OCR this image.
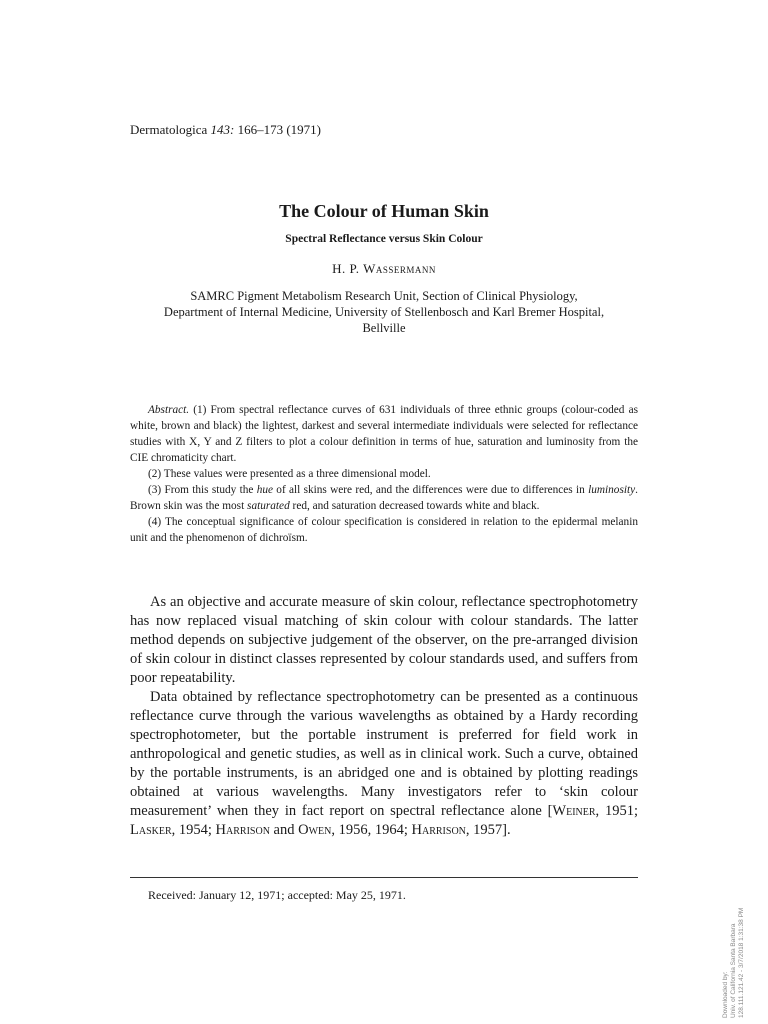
Dermatologica 143: 166–173 (1971)
The Colour of Human Skin
Spectral Reflectance versus Skin Colour
H. P. Wassermann
SAMRC Pigment Metabolism Research Unit, Section of Clinical Physiology,
Department of Internal Medicine, University of Stellenbosch and Karl Bremer Hospital,
Bellville

Abstract. (1) From spectral reflectance curves of 631 individuals of three ethnic groups (colour-coded as white, brown and black) the lightest, darkest and several intermediate individuals were selected for reflectance studies with X, Y and Z filters to plot a colour definition in terms of hue, saturation and luminosity from the CIE chromaticity chart.

(2) These values were presented as a three dimensional model.

(3) From this study the hue of all skins were red, and the differences were due to differences in luminosity. Brown skin was the most saturated red, and saturation decreased towards white and black.

(4) The conceptual significance of colour specification is considered in relation to the epidermal melanin unit and the phenomenon of dichroïsm.

As an objective and accurate measure of skin colour, reflectance spectrophotometry has now replaced visual matching of skin colour with colour standards. The latter method depends on subjective judgement of the observer, on the pre-arranged division of skin colour in distinct classes represented by colour standards used, and suffers from poor repeatability.

Data obtained by reflectance spectrophotometry can be presented as a continuous reflectance curve through the various wavelengths as obtained by a Hardy recording spectrophotometer, but the portable instrument is preferred for field work in anthropological and genetic studies, as well as in clinical work. Such a curve, obtained by the portable instruments, is an abridged one and is obtained by plotting readings obtained at various wavelengths. Many investigators refer to ‘skin colour measurement’ when they in fact report on spectral reflectance alone [Weiner, 1951; Lasker, 1954; Harrison and Owen, 1956, 1964; Harrison, 1957].

Received: January 12, 1971; accepted: May 25, 1971.
Downloaded by: Univ. of California Santa Barbara 128.111.121.42 - 3/7/2018 1:31:38 PM
